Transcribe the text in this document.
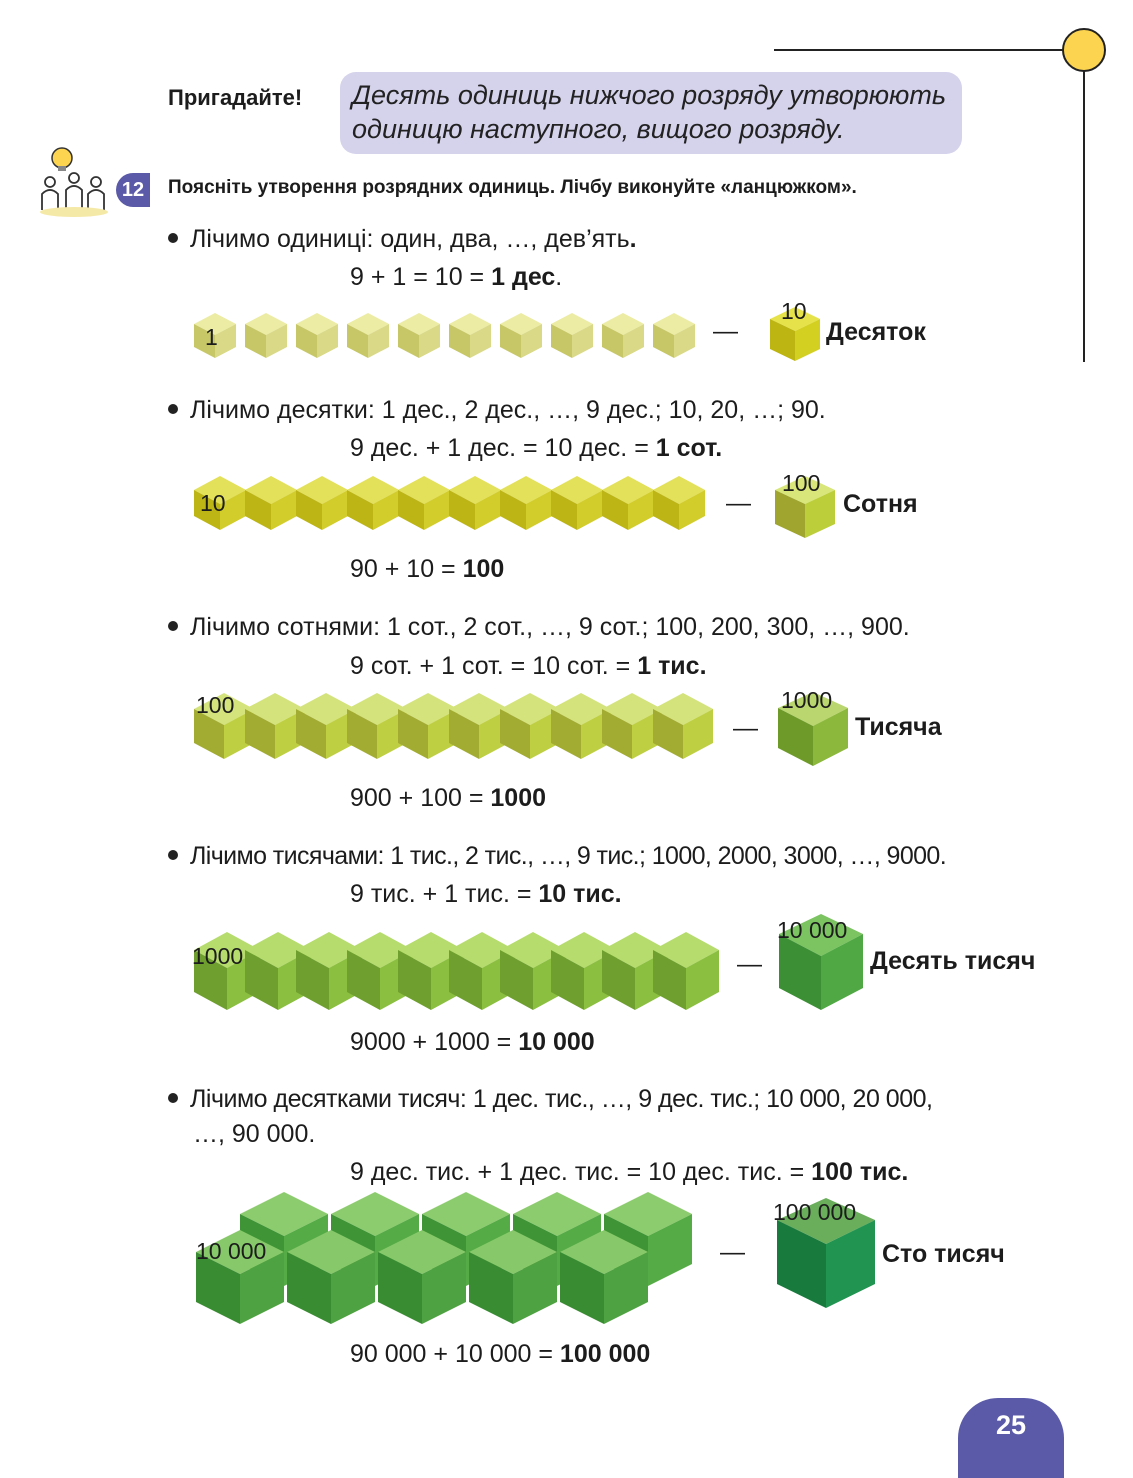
Пригадайте! Десять одиниць нижчого розряду утворюють
одиницю наступного, вищого розряду.
12	Поясніть утворення розрядних одиниць. Лічбу виконуйте «ланцюжком».
Лічимо одиниці: один, два, …, дев’ять.
9 + 1 = 10 = 1 дес.
1	—
10
Десяток
Лічимо десятки: 1 дес., 2 дес., …, 9 дес.; 10, 20, …; 90.
9 дес. + 1 дес. = 10 дес. = 1 сот.
10	—
100
Сотня
90 + 10 = 100
Лічимо сотнями: 1 сот., 2 сот., …, 9 сот.; 100, 200, 300, …, 900.
9 сот. + 1 сот. = 10 сот. = 1 тис.
100
—
1000
Тисяча
900 + 100 = 1000
Лічимо тисячами: 1 тис., 2 тис., …, 9 тис.; 1000, 2000, 3000, …, 9000.
9 тис. + 1 тис. = 10 тис.
1000	—
10 000
Десять тисяч
9000 + 1000 = 10 000
Лічимо десятками тисяч: 1 дес. тис., …, 9 дес. тис.; 10 000, 20 000,
…, 90 000.
9 дес. тис. + 1 дес. тис. = 10 дес. тис. = 100 тис.
10 000	—
100 000
Сто тисяч
90 000 + 10 000 = 100 000
25
